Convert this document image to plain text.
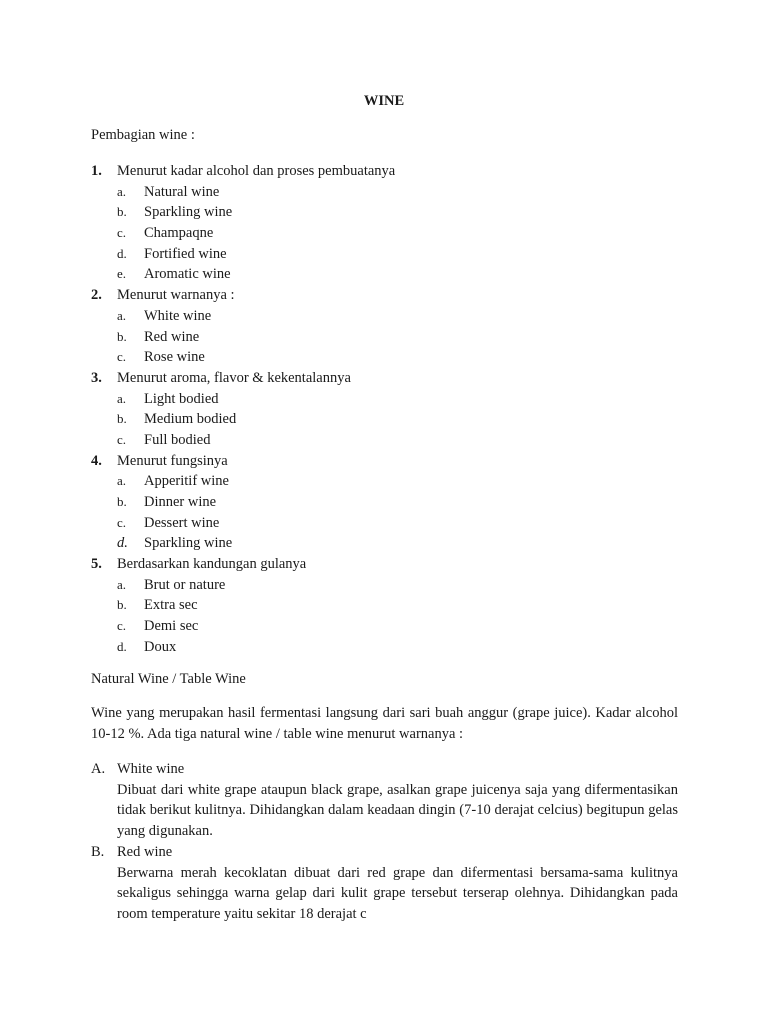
WINE
Pembagian wine :
1. Menurut kadar alcohol dan proses pembuatanya
a. Natural wine
b. Sparkling wine
c. Champaqne
d. Fortified wine
e. Aromatic wine
2. Menurut warnanya :
a. White wine
b. Red wine
c. Rose wine
3. Menurut aroma, flavor & kekentalannya
a. Light bodied
b. Medium bodied
c. Full bodied
4. Menurut fungsinya
a. Apperitif wine
b. Dinner wine
c. Dessert wine
d. Sparkling wine
5. Berdasarkan kandungan gulanya
a. Brut or nature
b. Extra sec
c. Demi sec
d. Doux
Natural Wine / Table Wine
Wine yang merupakan hasil fermentasi langsung dari sari buah anggur (grape juice). Kadar alcohol 10-12 %. Ada tiga natural wine / table wine menurut warnanya :
A. White wine
Dibuat dari white grape ataupun black grape, asalkan grape juicenya saja yang difermentasikan tidak berikut kulitnya. Dihidangkan dalam keadaan dingin (7-10 derajat celcius) begitupun gelas yang digunakan.
B. Red wine
Berwarna merah kecoklatan dibuat dari red grape dan difermentasi bersama-sama kulitnya sekaligus sehingga warna gelap dari kulit grape tersebut terserap olehnya. Dihidangkan pada room temperature yaitu sekitar 18 derajat c
